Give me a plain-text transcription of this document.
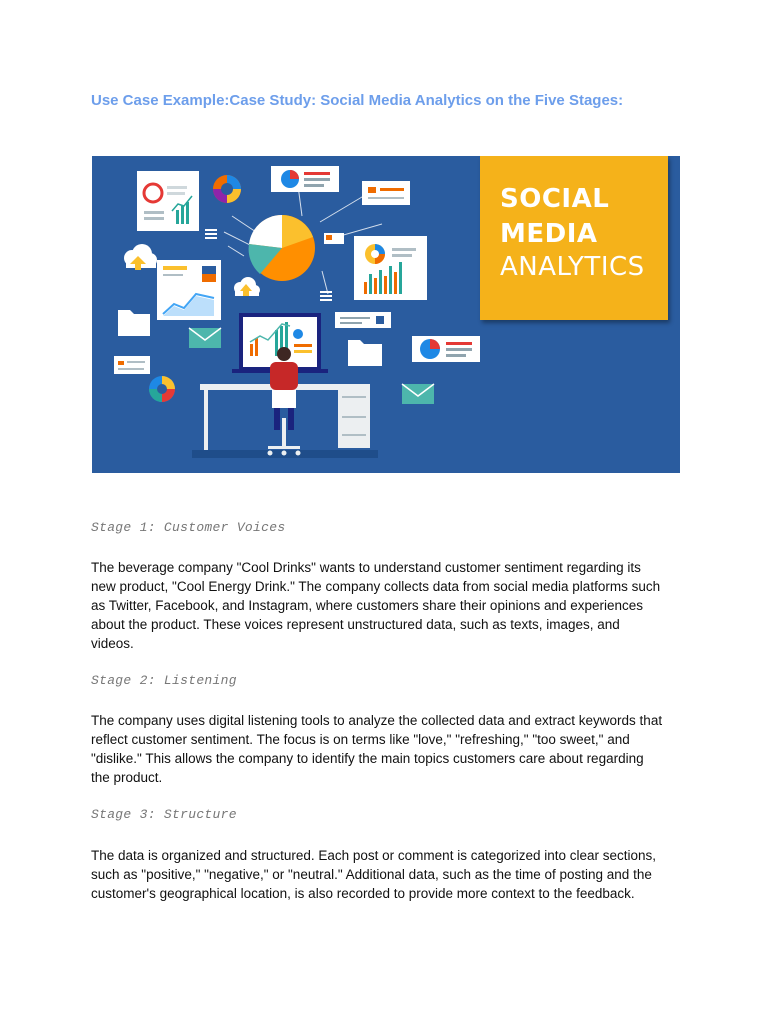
Use Case Example:Case Study: Social Media Analytics on the Five Stages:
SOCIAL
MEDIA
ANALYTICS
Stage 1: Customer Voices
The beverage company "Cool Drinks" wants to understand customer sentiment regarding its
new product, "Cool Energy Drink." The company collects data from social media platforms such
as Twitter, Facebook, and Instagram, where customers share their opinions and experiences
about the product. These voices represent unstructured data, such as texts, images, and
videos.
Stage 2: Listening
The company uses digital listening tools to analyze the collected data and extract keywords that
reflect customer sentiment. The focus is on terms like "love," "refreshing," "too sweet," and
"dislike." This allows the company to identify the main topics customers care about regarding
the product.
Stage 3: Structure
The data is organized and structured. Each post or comment is categorized into clear sections,
such as "positive," "negative," or "neutral." Additional data, such as the time of posting and the
customer's geographical location, is also recorded to provide more context to the feedback.
